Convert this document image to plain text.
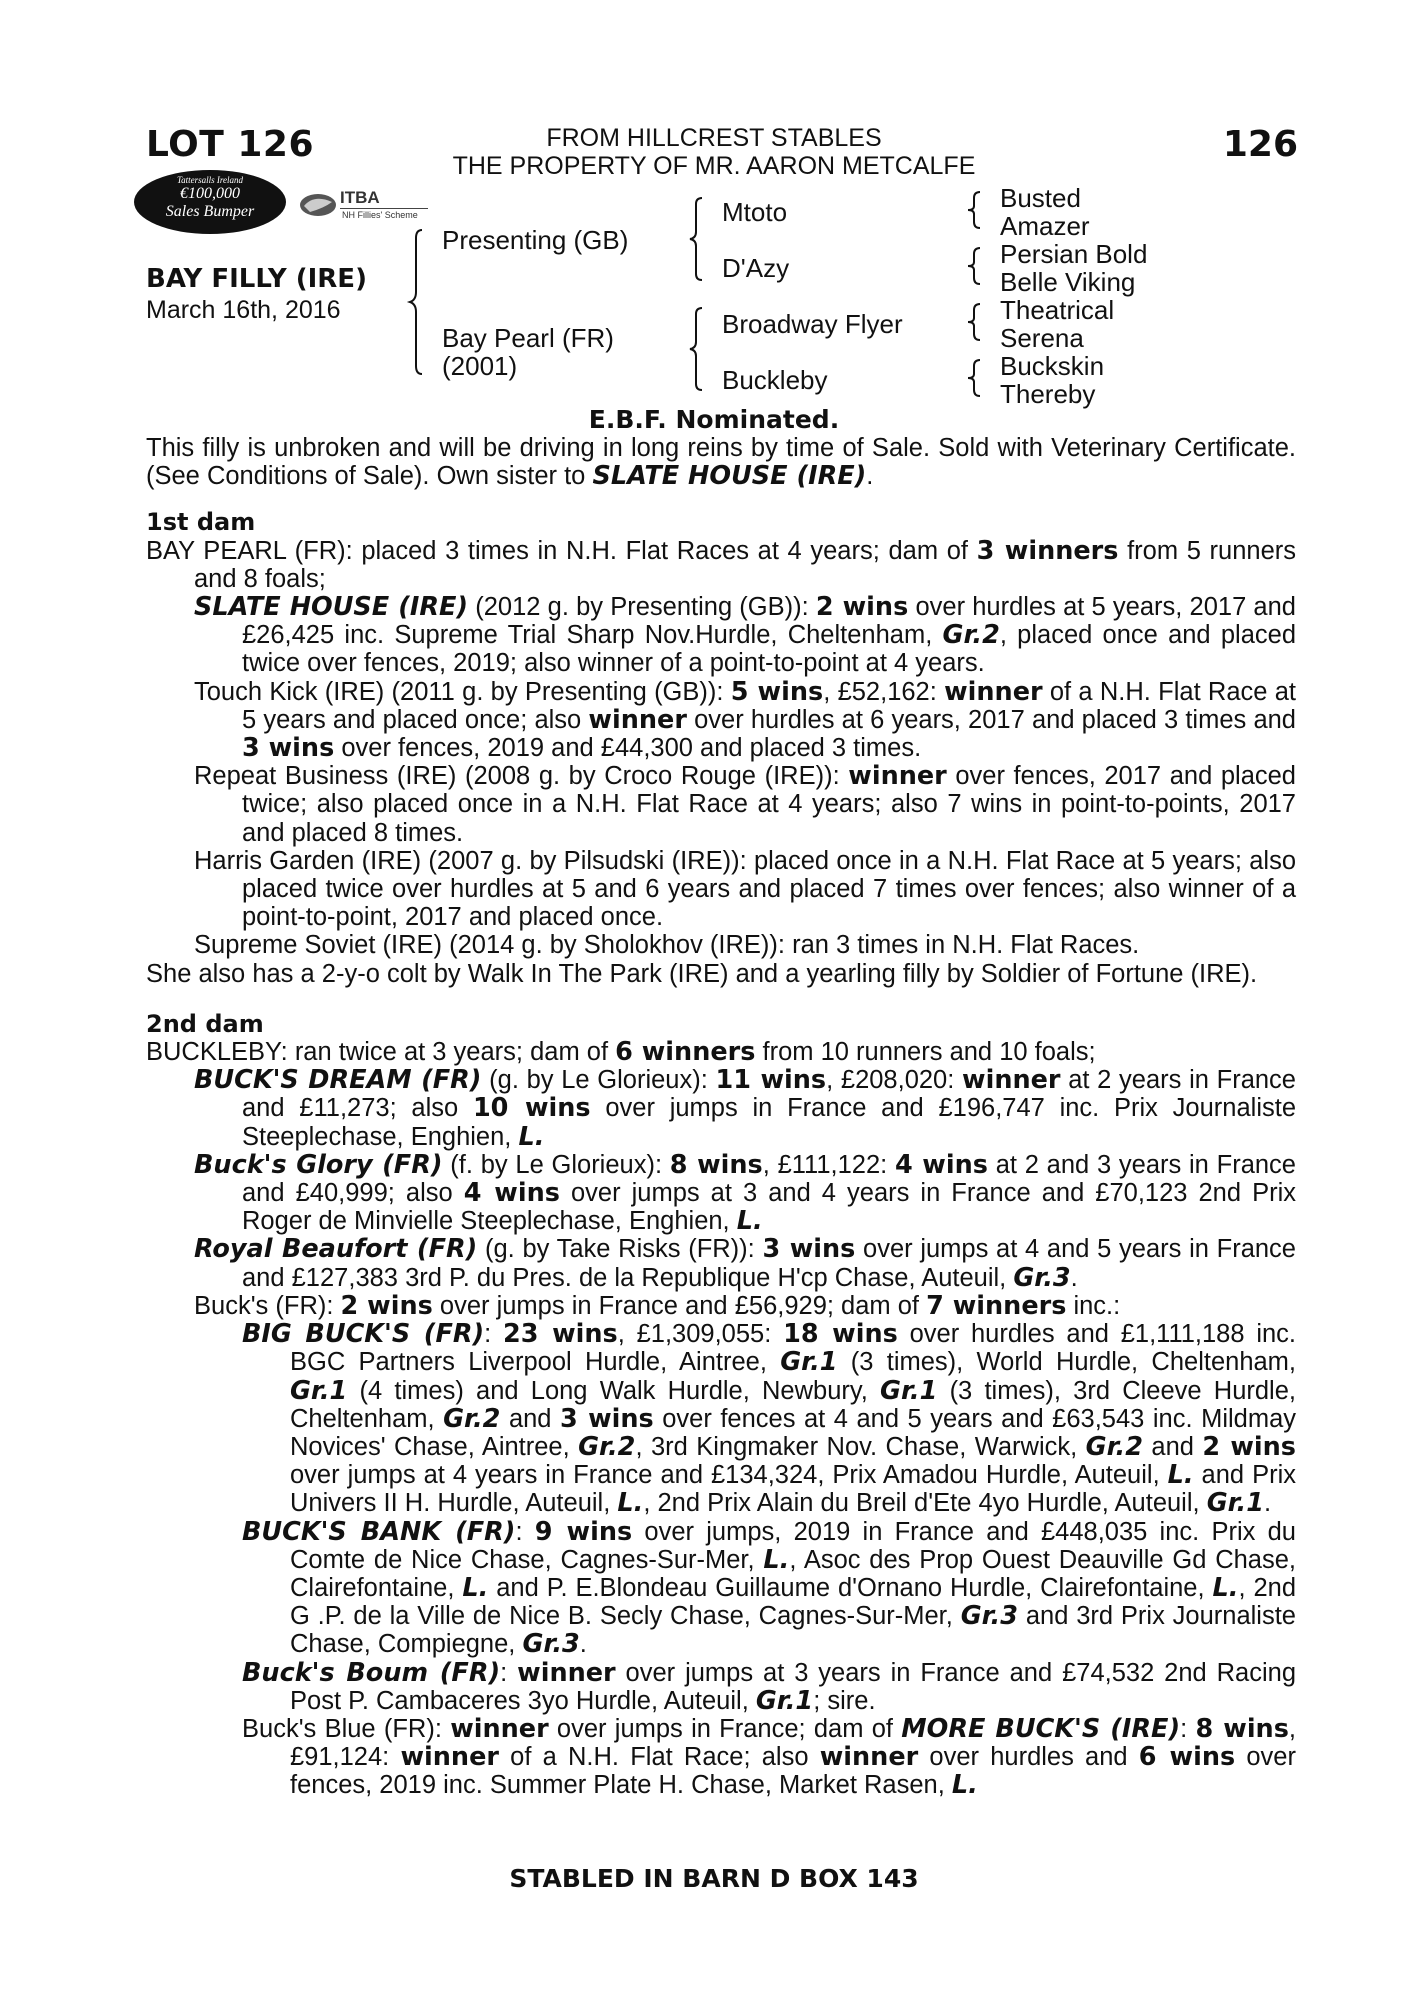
LOT 126	126
FROM HILLCREST STABLES
THE PROPERTY OF MR. AARON METCALFE
Tattersalls Ireland
€100,000
Sales Bumper
ITBA
NH Fillies' Scheme
BAY FILLY (IRE)
March 16th, 2016
Presenting (GB)
Bay Pearl (FR)
(2001)
Mtoto
D'Azy
Broadway Flyer
Buckleby
Busted
Amazer
Persian Bold
Belle Viking
Theatrical
Serena
Buckskin
Thereby
E.B.F. Nominated.

This filly is unbroken and will be driving in long reins by time of Sale. Sold with Veterinary Certificate. (See Conditions of Sale). Own sister to SLATE HOUSE (IRE).

1st dam

BAY PEARL (FR): placed 3 times in N.H. Flat Races at 4 years; dam of 3 winners from 5 runners and 8 foals;

SLATE HOUSE (IRE) (2012 g. by Presenting (GB)): 2 wins over hurdles at 5 years, 2017 and £26,425 inc. Supreme Trial Sharp Nov.Hurdle, Cheltenham, Gr.2, placed once and placed twice over fences, 2019; also winner of a point-to-point at 4 years.

Touch Kick (IRE) (2011 g. by Presenting (GB)): 5 wins, £52,162: winner of a N.H. Flat Race at 5 years and placed once; also winner over hurdles at 6 years, 2017 and placed 3 times and 3 wins over fences, 2019 and £44,300 and placed 3 times.

Repeat Business (IRE) (2008 g. by Croco Rouge (IRE)): winner over fences, 2017 and placed twice; also placed once in a N.H. Flat Race at 4 years; also 7 wins in point-to-points, 2017 and placed 8 times.

Harris Garden (IRE) (2007 g. by Pilsudski (IRE)): placed once in a N.H. Flat Race at 5 years; also placed twice over hurdles at 5 and 6 years and placed 7 times over fences; also winner of a point-to-point, 2017 and placed once.

Supreme Soviet (IRE) (2014 g. by Sholokhov (IRE)): ran 3 times in N.H. Flat Races.

She also has a 2-y-o colt by Walk In The Park (IRE) and a yearling filly by Soldier of Fortune (IRE).

2nd dam

BUCKLEBY: ran twice at 3 years; dam of 6 winners from 10 runners and 10 foals;

BUCK'S DREAM (FR) (g. by Le Glorieux): 11 wins, £208,020: winner at 2 years in France and £11,273; also 10 wins over jumps in France and £196,747 inc. Prix Journaliste Steeplechase, Enghien, L.

Buck's Glory (FR) (f. by Le Glorieux): 8 wins, £111,122: 4 wins at 2 and 3 years in France and £40,999; also 4 wins over jumps at 3 and 4 years in France and £70,123 2nd Prix Roger de Minvielle Steeplechase, Enghien, L.

Royal Beaufort (FR) (g. by Take Risks (FR)): 3 wins over jumps at 4 and 5 years in France and £127,383 3rd P. du Pres. de la Republique H'cp Chase, Auteuil, Gr.3.

Buck's (FR): 2 wins over jumps in France and £56,929; dam of 7 winners inc.:

BIG BUCK'S (FR): 23 wins, £1,309,055: 18 wins over hurdles and £1,111,188 inc. BGC Partners Liverpool Hurdle, Aintree, Gr.1 (3 times), World Hurdle, Cheltenham, Gr.1 (4 times) and Long Walk Hurdle, Newbury, Gr.1 (3 times), 3rd Cleeve Hurdle, Cheltenham, Gr.2 and 3 wins over fences at 4 and 5 years and £63,543 inc. Mildmay Novices' Chase, Aintree, Gr.2, 3rd Kingmaker Nov. Chase, Warwick, Gr.2 and 2 wins over jumps at 4 years in France and £134,324, Prix Amadou Hurdle, Auteuil, L. and Prix Univers II H. Hurdle, Auteuil, L., 2nd Prix Alain du Breil d'Ete 4yo Hurdle, Auteuil, Gr.1.

BUCK'S BANK (FR): 9 wins over jumps, 2019 in France and £448,035 inc. Prix du Comte de Nice Chase, Cagnes-Sur-Mer, L., Asoc des Prop Ouest Deauville Gd Chase, Clairefontaine, L. and P. E.Blondeau Guillaume d'Ornano Hurdle, Clairefontaine, L., 2nd G .P. de la Ville de Nice B. Secly Chase, Cagnes-Sur-Mer, Gr.3 and 3rd Prix Journaliste Chase, Compiegne, Gr.3.

Buck's Boum (FR): winner over jumps at 3 years in France and £74,532 2nd Racing Post P. Cambaceres 3yo Hurdle, Auteuil, Gr.1; sire.

Buck's Blue (FR): winner over jumps in France; dam of MORE BUCK'S (IRE): 8 wins, £91,124: winner of a N.H. Flat Race; also winner over hurdles and 6 wins over fences, 2019 inc. Summer Plate H. Chase, Market Rasen, L.

STABLED IN BARN D BOX 143
